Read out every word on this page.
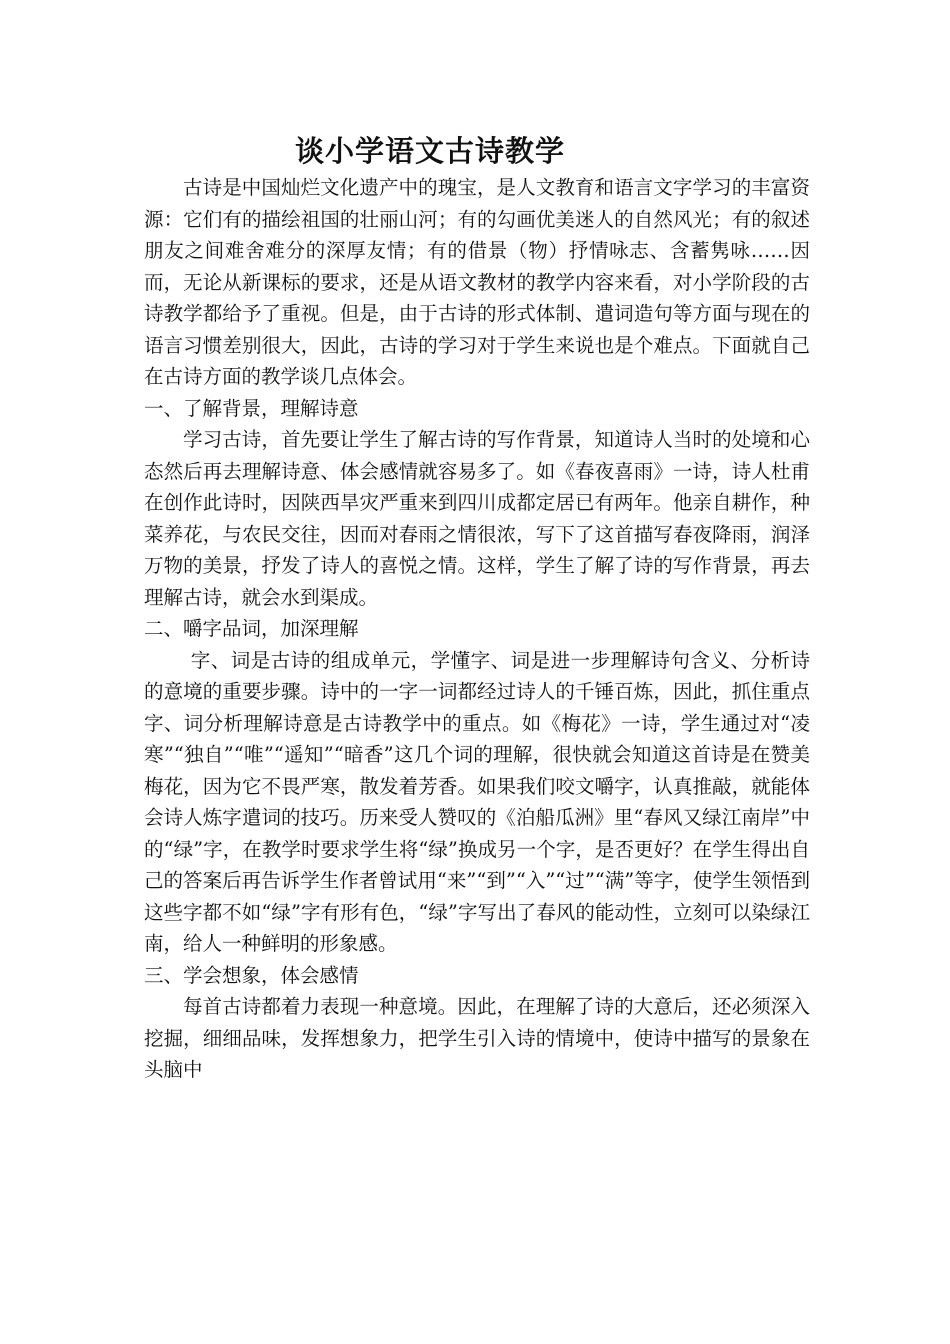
谈小学语文古诗教学

古诗是中国灿烂文化遗产中的瑰宝，是人文教育和语言文字学习的丰富资源：它们有的描绘祖国的壮丽山河；有的勾画优美迷人的自然风光；有的叙述朋友之间难舍难分的深厚友情；有的借景（物）抒情咏志、含蓄隽咏……因而，无论从新课标的要求，还是从语文教材的教学内容来看，对小学阶段的古诗教学都给予了重视。但是，由于古诗的形式体制、遣词造句等方面与现在的语言习惯差别很大，因此，古诗的学习对于学生来说也是个难点。下面就自己在古诗方面的教学谈几点体会。

一、了解背景，理解诗意

学习古诗，首先要让学生了解古诗的写作背景，知道诗人当时的处境和心态然后再去理解诗意、体会感情就容易多了。如《春夜喜雨》一诗，诗人杜甫在创作此诗时，因陕西旱灾严重来到四川成都定居已有两年。他亲自耕作，种菜养花，与农民交往，因而对春雨之情很浓，写下了这首描写春夜降雨，润泽万物的美景，抒发了诗人的喜悦之情。这样，学生了解了诗的写作背景，再去理解古诗，就会水到渠成。

二、嚼字品词，加深理解

字、词是古诗的组成单元，学懂字、词是进一步理解诗句含义、分析诗的意境的重要步骤。诗中的一字一词都经过诗人的千锤百炼，因此，抓住重点字、词分析理解诗意是古诗教学中的重点。如《梅花》一诗，学生通过对“凌寒”“独自”“唯”“遥知”“暗香”这几个词的理解，很快就会知道这首诗是在赞美梅花，因为它不畏严寒，散发着芳香。如果我们咬文嚼字，认真推敲，就能体会诗人炼字遣词的技巧。历来受人赞叹的《泊船瓜洲》里“春风又绿江南岸”中的“绿”字，在教学时要求学生将“绿”换成另一个字，是否更好？在学生得出自己的答案后再告诉学生作者曾试用“来”“到”“入”“过”“满”等字，使学生领悟到这些字都不如“绿”字有形有色，“绿”字写出了春风的能动性，立刻可以染绿江南，给人一种鲜明的形象感。

三、学会想象，体会感情

每首古诗都着力表现一种意境。因此，在理解了诗的大意后，还必须深入挖掘，细细品味，发挥想象力，把学生引入诗的情境中，使诗中描写的景象在头脑中
